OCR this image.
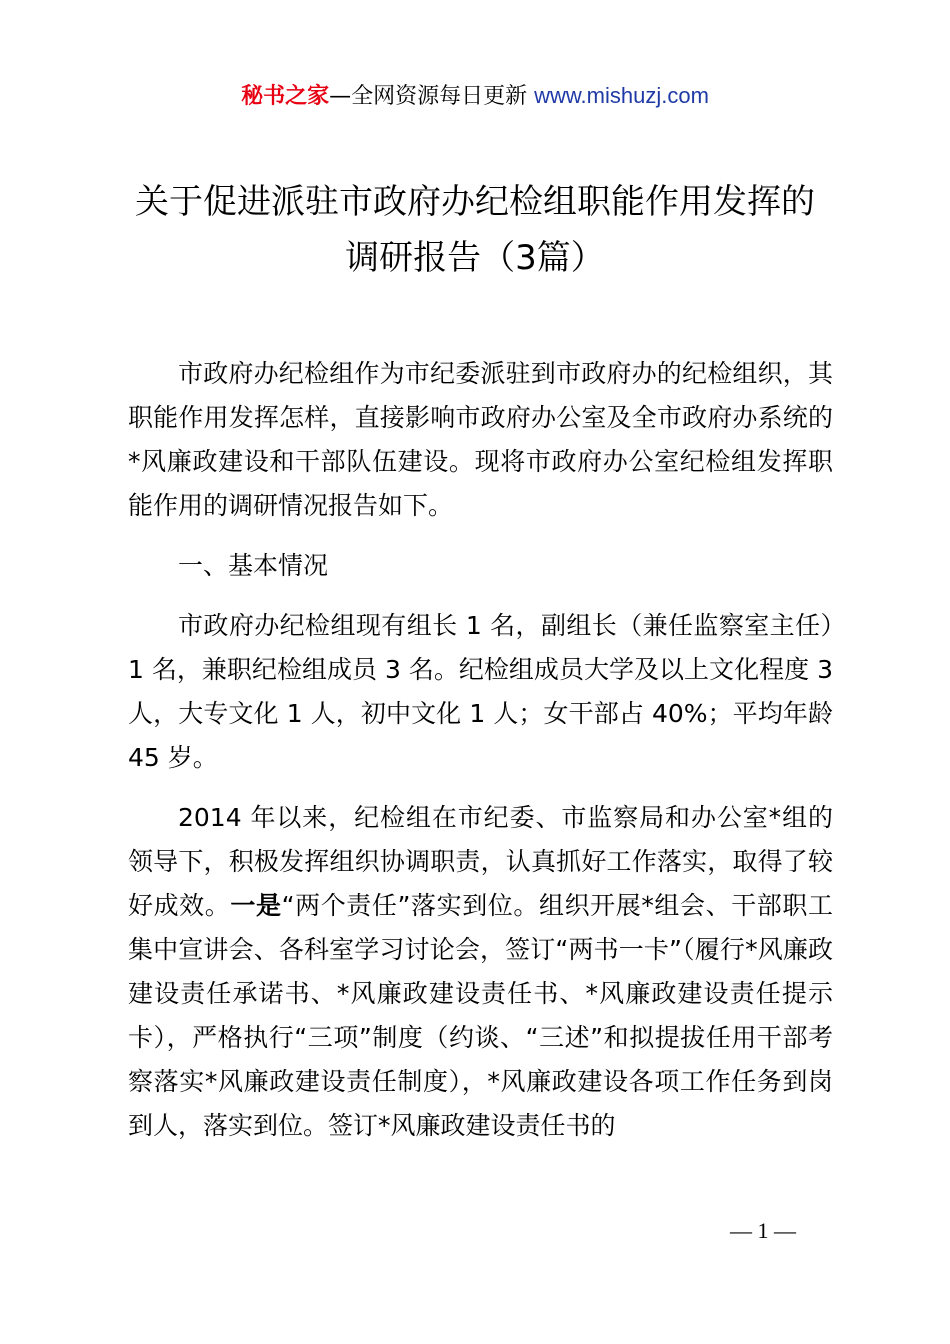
秘书之家—全网资源每日更新 www.mishuzj.com
关于促进派驻市政府办纪检组职能作用发挥的
调研报告（3篇）

市政府办纪检组作为市纪委派驻到市政府办的纪检组织，其职能作用发挥怎样，直接影响市政府办公室及全市政府办系统的*风廉政建设和干部队伍建设。现将市政府办公室纪检组发挥职能作用的调研情况报告如下。

一、基本情况

市政府办纪检组现有组长 1 名，副组长（兼任监察室主任）1 名，兼职纪检组成员 3 名。纪检组成员大学及以上文化程度 3 人，大专文化 1 人，初中文化 1 人；女干部占 40%；平均年龄 45 岁。

2014 年以来，纪检组在市纪委、市监察局和办公室*组的领导下，积极发挥组织协调职责，认真抓好工作落实，取得了较好成效。一是“两个责任”落实到位。组织开展*组会、干部职工集中宣讲会、各科室学习讨论会，签订“两书一卡”（履行*风廉政建设责任承诺书、*风廉政建设责任书、*风廉政建设责任提示卡），严格执行“三项”制度（约谈、“三述”和拟提拔任用干部考察落实*风廉政建设责任制度），*风廉政建设各项工作任务到岗到人，落实到位。签订*风廉政建设责任书的

— 1 —
